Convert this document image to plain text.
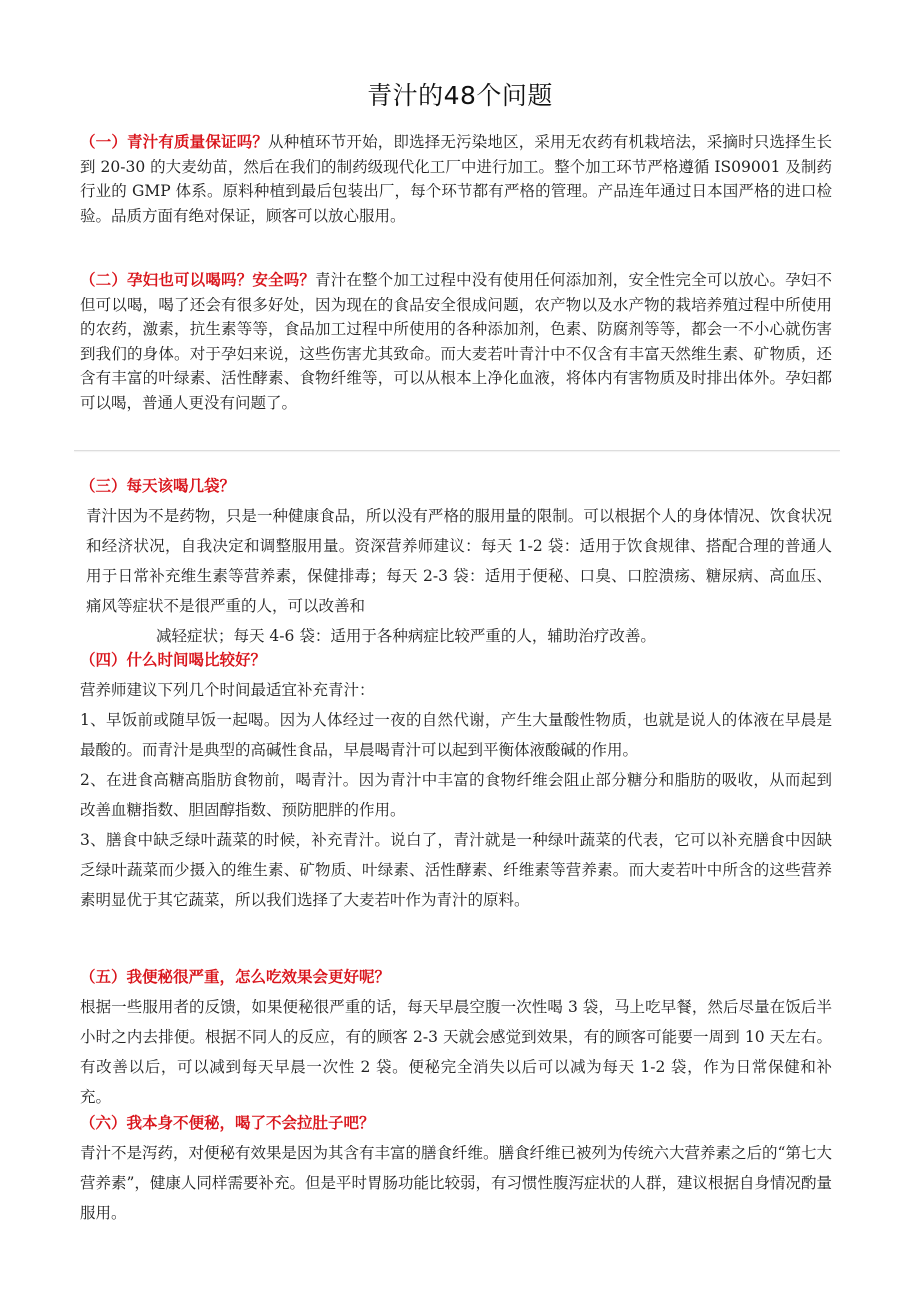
青汁的48个问题

（一）青汁有质量保证吗？从种植环节开始，即选择无污染地区，采用无农药有机栽培法，采摘时只选择生长到 20-30 的大麦幼苗，然后在我们的制药级现代化工厂中进行加工。整个加工环节严格遵循 IS09001 及制药行业的 GMP 体系。原料种植到最后包装出厂，每个环节都有严格的管理。产品连年通过日本国严格的进口检验。品质方面有绝对保证，顾客可以放心服用。

（二）孕妇也可以喝吗？安全吗？青汁在整个加工过程中没有使用任何添加剂，安全性完全可以放心。孕妇不但可以喝，喝了还会有很多好处，因为现在的食品安全很成问题，农产物以及水产物的栽培养殖过程中所使用的农药，激素，抗生素等等，食品加工过程中所使用的各种添加剂，色素、防腐剂等等，都会一不小心就伤害到我们的身体。对于孕妇来说，这些伤害尤其致命。而大麦若叶青汁中不仅含有丰富天然维生素、矿物质，还含有丰富的叶绿素、活性酵素、食物纤维等，可以从根本上净化血液，将体内有害物质及时排出体外。孕妇都可以喝，普通人更没有问题了。

（三）每天该喝几袋？

青汁因为不是药物，只是一种健康食品，所以没有严格的服用量的限制。可以根据个人的身体情况、饮食状况和经济状况，自我决定和调整服用量。资深营养师建议：每天 1-2 袋：适用于饮食规律、搭配合理的普通人用于日常补充维生素等营养素，保健排毒；每天 2-3 袋：适用于便秘、口臭、口腔溃疡、糖尿病、高血压、痛风等症状不是很严重的人，可以改善和

减轻症状；每天 4-6 袋：适用于各种病症比较严重的人，辅助治疗改善。

（四）什么时间喝比较好？

营养师建议下列几个时间最适宜补充青汁：

1、早饭前或随早饭一起喝。因为人体经过一夜的自然代谢，产生大量酸性物质，也就是说人的体液在早晨是最酸的。而青汁是典型的高碱性食品，早晨喝青汁可以起到平衡体液酸碱的作用。

2、在进食高糖高脂肪食物前，喝青汁。因为青汁中丰富的食物纤维会阻止部分糖分和脂肪的吸收，从而起到改善血糖指数、胆固醇指数、预防肥胖的作用。

3、膳食中缺乏绿叶蔬菜的时候，补充青汁。说白了，青汁就是一种绿叶蔬菜的代表，它可以补充膳食中因缺乏绿叶蔬菜而少摄入的维生素、矿物质、叶绿素、活性酵素、纤维素等营养素。而大麦若叶中所含的这些营养素明显优于其它蔬菜，所以我们选择了大麦若叶作为青汁的原料。

（五）我便秘很严重，怎么吃效果会更好呢？

根据一些服用者的反馈，如果便秘很严重的话，每天早晨空腹一次性喝 3 袋，马上吃早餐，然后尽量在饭后半小时之内去排便。根据不同人的反应，有的顾客 2-3 天就会感觉到效果，有的顾客可能要一周到 10 天左右。有改善以后，可以减到每天早晨一次性 2 袋。便秘完全消失以后可以减为每天 1-2 袋，作为日常保健和补充。

（六）我本身不便秘，喝了不会拉肚子吧？

青汁不是泻药，对便秘有效果是因为其含有丰富的膳食纤维。膳食纤维已被列为传统六大营养素之后的“第七大营养素”，健康人同样需要补充。但是平时胃肠功能比较弱，有习惯性腹泻症状的人群，建议根据自身情况酌量服用。
